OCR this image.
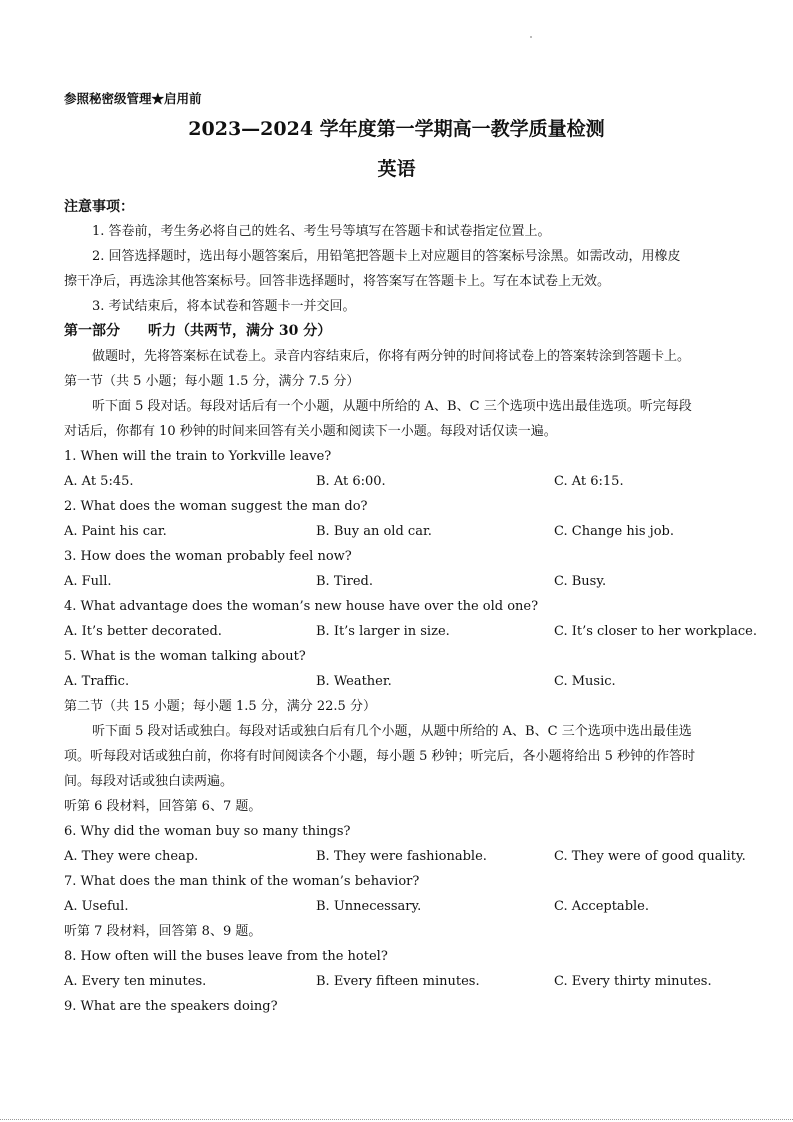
参照秘密级管理★启用前
2023—2024 学年度第一学期高一教学质量检测
英语
注意事项：
1. 答卷前，考生务必将自己的姓名、考生号等填写在答题卡和试卷指定位置上。
2. 回答选择题时，选出每小题答案后，用铅笔把答题卡上对应题目的答案标号涂黑。如需改动，用橡皮
擦干净后，再选涂其他答案标号。回答非选择题时，将答案写在答题卡上。写在本试卷上无效。
3. 考试结束后，将本试卷和答题卡一并交回。
第一部分　　听力（共两节，满分 30 分）
做题时，先将答案标在试卷上。录音内容结束后，你将有两分钟的时间将试卷上的答案转涂到答题卡上。
第一节（共 5 小题；每小题 1.5 分，满分 7.5 分）
听下面 5 段对话。每段对话后有一个小题，从题中所给的 A、B、C 三个选项中选出最佳选项。听完每段
对话后，你都有 10 秒钟的时间来回答有关小题和阅读下一小题。每段对话仅读一遍。
1. When will the train to Yorkville leave?
A. At 5:45.	B. At 6:00.	C. At 6:15.
2. What does the woman suggest the man do?
A. Paint his car.	B. Buy an old car.	C. Change his job.
3. How does the woman probably feel now?
A. Full.	B. Tired.	C. Busy.
4. What advantage does the woman’s new house have over the old one?
A. It’s better decorated.	B. It’s larger in size.	C. It’s closer to her workplace.
5. What is the woman talking about?
A. Traffic.	B. Weather.	C. Music.
第二节（共 15 小题；每小题 1.5 分，满分 22.5 分）
听下面 5 段对话或独白。每段对话或独白后有几个小题，从题中所给的 A、B、C 三个选项中选出最佳选
项。听每段对话或独白前，你将有时间阅读各个小题，每小题 5 秒钟；听完后，各小题将给出 5 秒钟的作答时
间。每段对话或独白读两遍。
听第 6 段材料，回答第 6、7 题。
6. Why did the woman buy so many things?
A. They were cheap.	B. They were fashionable.	C. They were of good quality.
7. What does the man think of the woman’s behavior?
A. Useful.	B. Unnecessary.	C. Acceptable.
听第 7 段材料，回答第 8、9 题。
8. How often will the buses leave from the hotel?
A. Every ten minutes.	B. Every fifteen minutes.	C. Every thirty minutes.
9. What are the speakers doing?
